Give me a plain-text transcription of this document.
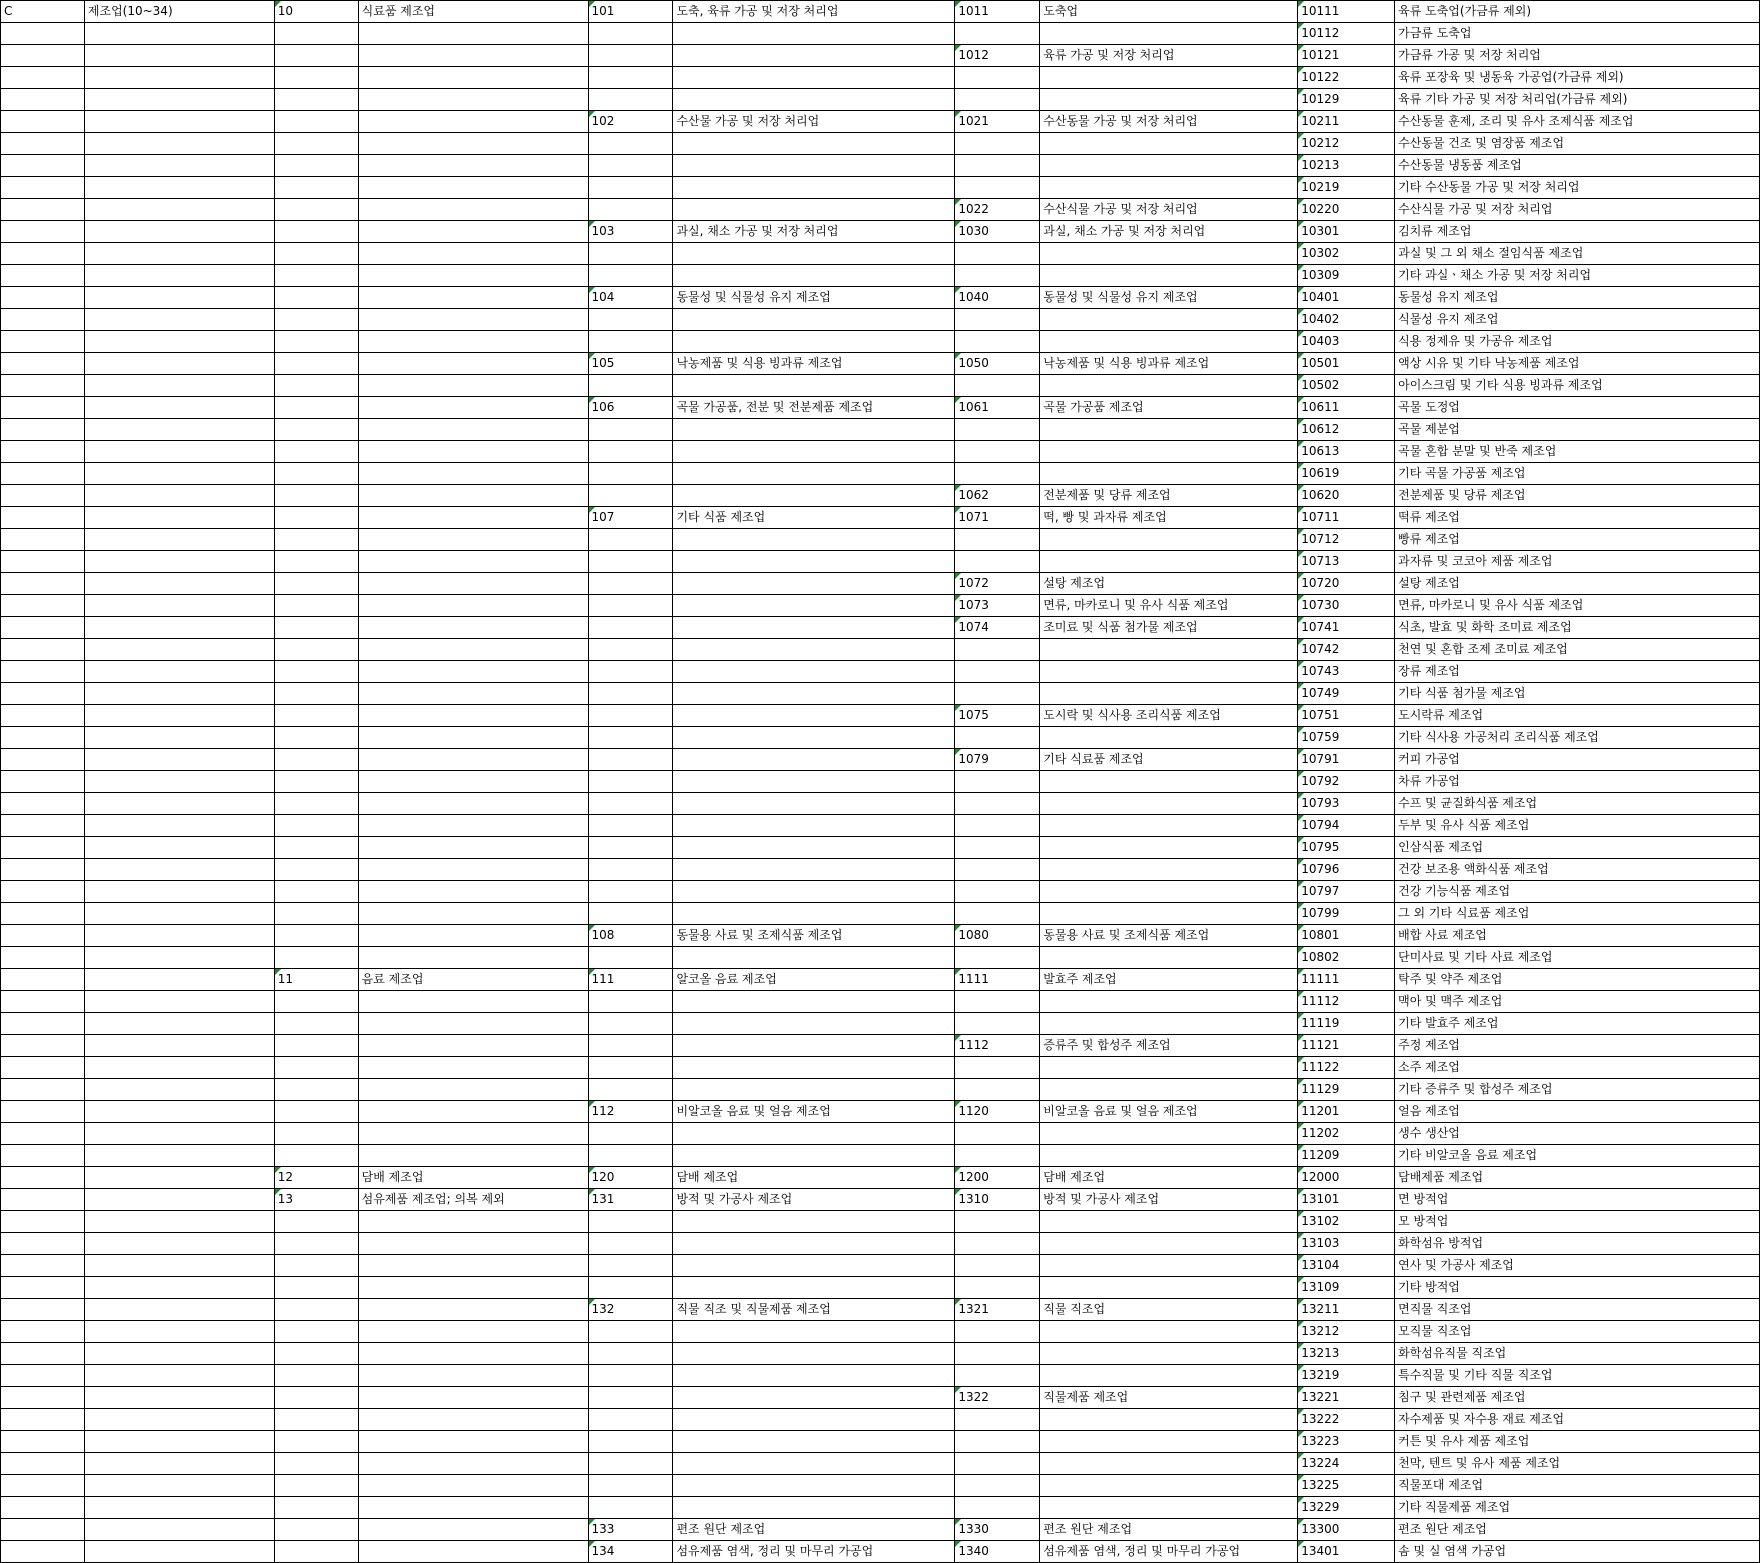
C	제조업(10~34)	10	식료품 제조업	101	도축, 육류 가공 및 저장 처리업	1011	도축업	10111	육류 도축업(가금류 제외)
								10112	가금류 도축업
						1012	육류 가공 및 저장 처리업	10121	가금류 가공 및 저장 처리업
								10122	육류 포장육 및 냉동육 가공업(가금류 제외)
								10129	육류 기타 가공 및 저장 처리업(가금류 제외)
				102	수산물 가공 및 저장 처리업	1021	수산동물 가공 및 저장 처리업	10211	수산동물 훈제, 조리 및 유사 조제식품 제조업
								10212	수산동물 건조 및 염장품 제조업
								10213	수산동물 냉동품 제조업
								10219	기타 수산동물 가공 및 저장 처리업
						1022	수산식물 가공 및 저장 처리업	10220	수산식물 가공 및 저장 처리업
				103	과실, 채소 가공 및 저장 처리업	1030	과실, 채소 가공 및 저장 처리업	10301	김치류 제조업
								10302	과실 및 그 외 채소 절임식품 제조업
								10309	기타 과실ㆍ채소 가공 및 저장 처리업
				104	동물성 및 식물성 유지 제조업	1040	동물성 및 식물성 유지 제조업	10401	동물성 유지 제조업
								10402	식물성 유지 제조업
								10403	식용 정제유 및 가공유 제조업
				105	낙농제품 및 식용 빙과류 제조업	1050	낙농제품 및 식용 빙과류 제조업	10501	액상 시유 및 기타 낙농제품 제조업
								10502	아이스크림 및 기타 식용 빙과류 제조업
				106	곡물 가공품, 전분 및 전분제품 제조업	1061	곡물 가공품 제조업	10611	곡물 도정업
								10612	곡물 제분업
								10613	곡물 혼합 분말 및 반죽 제조업
								10619	기타 곡물 가공품 제조업
						1062	전분제품 및 당류 제조업	10620	전분제품 및 당류 제조업
				107	기타 식품 제조업	1071	떡, 빵 및 과자류 제조업	10711	떡류 제조업
								10712	빵류 제조업
								10713	과자류 및 코코아 제품 제조업
						1072	설탕 제조업	10720	설탕 제조업
						1073	면류, 마카로니 및 유사 식품 제조업	10730	면류, 마카로니 및 유사 식품 제조업
						1074	조미료 및 식품 첨가물 제조업	10741	식초, 발효 및 화학 조미료 제조업
								10742	천연 및 혼합 조제 조미료 제조업
								10743	장류 제조업
								10749	기타 식품 첨가물 제조업
						1075	도시락 및 식사용 조리식품 제조업	10751	도시락류 제조업
								10759	기타 식사용 가공처리 조리식품 제조업
						1079	기타 식료품 제조업	10791	커피 가공업
								10792	차류 가공업
								10793	수프 및 균질화식품 제조업
								10794	두부 및 유사 식품 제조업
								10795	인삼식품 제조업
								10796	건강 보조용 액화식품 제조업
								10797	건강 기능식품 제조업
								10799	그 외 기타 식료품 제조업
				108	동물용 사료 및 조제식품 제조업	1080	동물용 사료 및 조제식품 제조업	10801	배합 사료 제조업
								10802	단미사료 및 기타 사료 제조업
		11	음료 제조업	111	알코올 음료 제조업	1111	발효주 제조업	11111	탁주 및 약주 제조업
								11112	맥아 및 맥주 제조업
								11119	기타 발효주 제조업
						1112	증류주 및 합성주 제조업	11121	주정 제조업
								11122	소주 제조업
								11129	기타 증류주 및 합성주 제조업
				112	비알코올 음료 및 얼음 제조업	1120	비알코올 음료 및 얼음 제조업	11201	얼음 제조업
								11202	생수 생산업
								11209	기타 비알코올 음료 제조업
		12	담배 제조업	120	담배 제조업	1200	담배 제조업	12000	담배제품 제조업
		13	섬유제품 제조업; 의복 제외	131	방적 및 가공사 제조업	1310	방적 및 가공사 제조업	13101	면 방적업
								13102	모 방적업
								13103	화학섬유 방적업
								13104	연사 및 가공사 제조업
								13109	기타 방적업
				132	직물 직조 및 직물제품 제조업	1321	직물 직조업	13211	면직물 직조업
								13212	모직물 직조업
								13213	화학섬유직물 직조업
								13219	특수직물 및 기타 직물 직조업
						1322	직물제품 제조업	13221	침구 및 관련제품 제조업
								13222	자수제품 및 자수용 재료 제조업
								13223	커튼 및 유사 제품 제조업
								13224	천막, 텐트 및 유사 제품 제조업
								13225	직물포대 제조업
								13229	기타 직물제품 제조업
				133	편조 원단 제조업	1330	편조 원단 제조업	13300	편조 원단 제조업
				134	섬유제품 염색, 정리 및 마무리 가공업	1340	섬유제품 염색, 정리 및 마무리 가공업	13401	솜 및 실 염색 가공업
